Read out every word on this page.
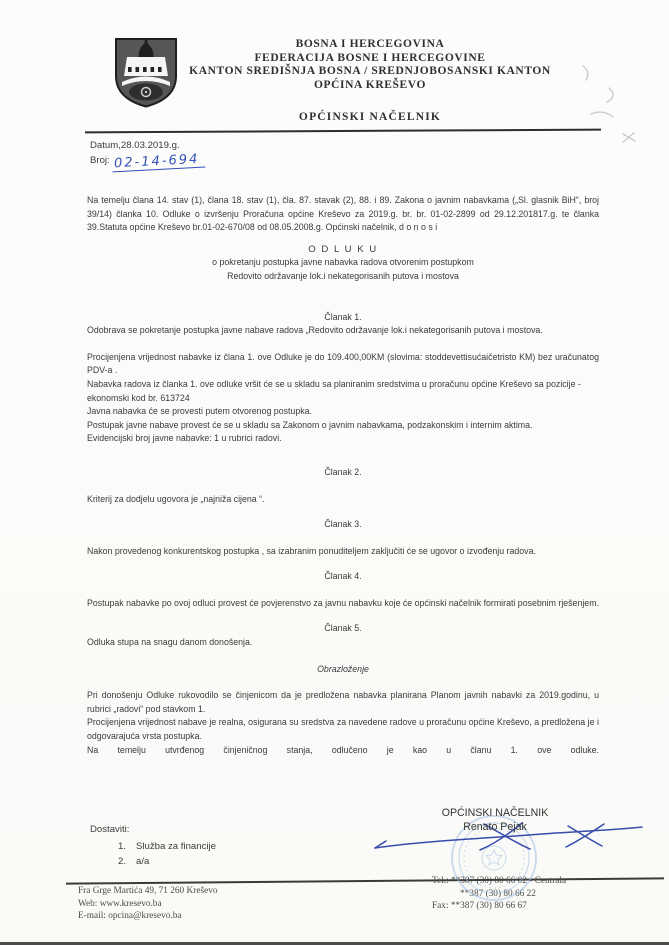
BOSNA I HERCEGOVINA
FEDERACIJA BOSNE I HERCEGOVINE
KANTON SREDIŠNJA BOSNA / SREDNJOBOSANSKI KANTON
OPĆINA KREŠEVO
OPĆINSKI NAČELNIK
Datum,28.03.2019.g.
Broj: 02-14-694

Na temelju člana 14. stav (1), člana 18. stav (1), čla. 87. stavak (2), 88. i 89. Zakona o javnim nabavkama („Sl. glasnik BiH“, broj 39/14) članka 10. Odluke o izvršenju Proračuna općine Kreševo za 2019.g. br. br. 01-02-2899 od 29.12.201817.g. te članka 39.Statuta općine Kreševo br.01-02-670/08 od 08.05.2008.g. Općinski načelnik, d o n o s i

O D L U K U

o pokretanju postupka javne nabavka radova otvorenim postupkom

Redovito održavanje lok.i nekategorisanih putova i mostova

Članak 1.

Odobrava se pokretanje postupka javne nabave radova „Redovito održavanje lok.i nekategorisanih putova i mostova.

Procijenjena vrijednost nabavke iz člana 1. ove Odluke je do 109.400,00KM (slovima: stoddevettisućaičetristo KM) bez uračunatog PDV-a .

Nabavka radova iz članka 1. ove odluke vršit će se u skladu sa planiranim sredstvima u proračunu općine Kreševo sa pozicije -ekonomski kod br. 613724

Javna nabavka će se provesti putem otvorenog postupka.

Postupak javne nabave provest će se u skladu sa Zakonom o javnim nabavkama, podzakonskim i internim aktima.

Evidencijski broj javne nabavke: 1 u rubrici radovi.

Članak 2.

Kriterij za dodjelu ugovora je „najniža cijena “.

Članak 3.

Nakon provedenog konkurentskog postupka , sa izabranim ponuditeljem zaključiti će se ugovor o izvođenju radova.

Članak 4.

Postupak nabavke po ovoj odluci provest će povjerenstvo za javnu nabavku koje će općinski načelnik formirati posebnim rješenjem.

Članak 5.

Odluka stupa na snagu danom donošenja.

Obrazloženje

Pri donošenju Odluke rukovodilo se činjenicom da je predložena nabavka planirana Planom javnih nabavki za 2019.godinu, u rubrici „radovi“ pod stavkom 1.

Procijenjena vrijednost nabave je realna, osigurana su sredstva za navedene radove u proračunu općine Kreševo, a predložena je i odgovarajuća vrsta postupka.

Na temelju utvrđenog činjeničnog stanja, odlučeno je kao u članu 1. ove odluke.

OPĆINSKI NAČELNIK
Renato Pejak
Dostaviti:
1. Služba za financije
2. a/a
Fra Grge Martića 49, 71 260 Kreševo
Web: www.kresevo.ba
E-mail: opcina@kresevo.ba
Tel.: **387 (30) 80 66 02 - Centrala
**387 (30) 80 66 22
Fax: **387 (30) 80 66 67
